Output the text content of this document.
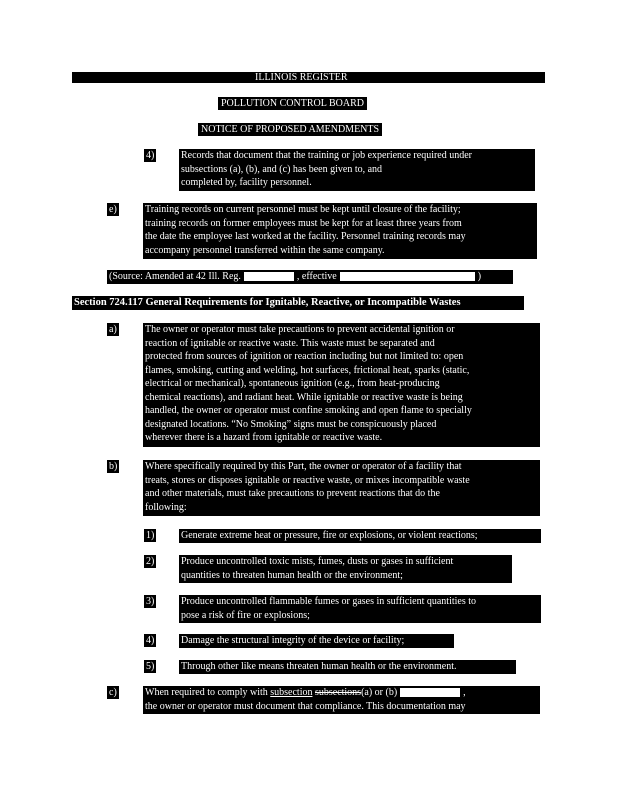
ILLINOIS REGISTER
POLLUTION CONTROL BOARD
NOTICE OF PROPOSED AMENDMENTS
4)	Records that document that the training or job experience required under

subsections (a), (b), and (c) has been given to, and

completed by, facility personnel.

e)	Training records on current personnel must be kept until closure of the facility;

training records on former employees must be kept for at least three years from

the date the employee last worked at the facility. Personnel training records may

accompany personnel transferred within the same company.

(Source: Amended at 42 Ill. Reg.	, effective	)

Section 724.117 General Requirements for Ignitable, Reactive, or Incompatible Wastes

a)	The owner or operator must take precautions to prevent accidental ignition or

reaction of ignitable or reactive waste. This waste must be separated and

protected from sources of ignition or reaction including but not limited to: open

flames, smoking, cutting and welding, hot surfaces, frictional heat, sparks (static,

electrical or mechanical), spontaneous ignition (e.g., from heat-producing

chemical reactions), and radiant heat. While ignitable or reactive waste is being

handled, the owner or operator must confine smoking and open flame to specially

designated locations. “No Smoking” signs must be conspicuously placed

wherever there is a hazard from ignitable or reactive waste.

b)	Where specifically required by this Part, the owner or operator of a facility that

treats, stores or disposes ignitable or reactive waste, or mixes incompatible waste

and other materials, must take precautions to prevent reactions that do the

following:

1)	Generate extreme heat or pressure, fire or explosions, or violent reactions;

2)	Produce uncontrolled toxic mists, fumes, dusts or gases in sufficient

quantities to threaten human health or the environment;

3)	Produce uncontrolled flammable fumes or gases in sufficient quantities to

pose a risk of fire or explosions;

4)	Damage the structural integrity of the device or facility;

5)	Through other like means threaten human health or the environment.

c)	When required to comply with subsection subsections(a) or (b)	,

the owner or operator must document that compliance. This documentation may
